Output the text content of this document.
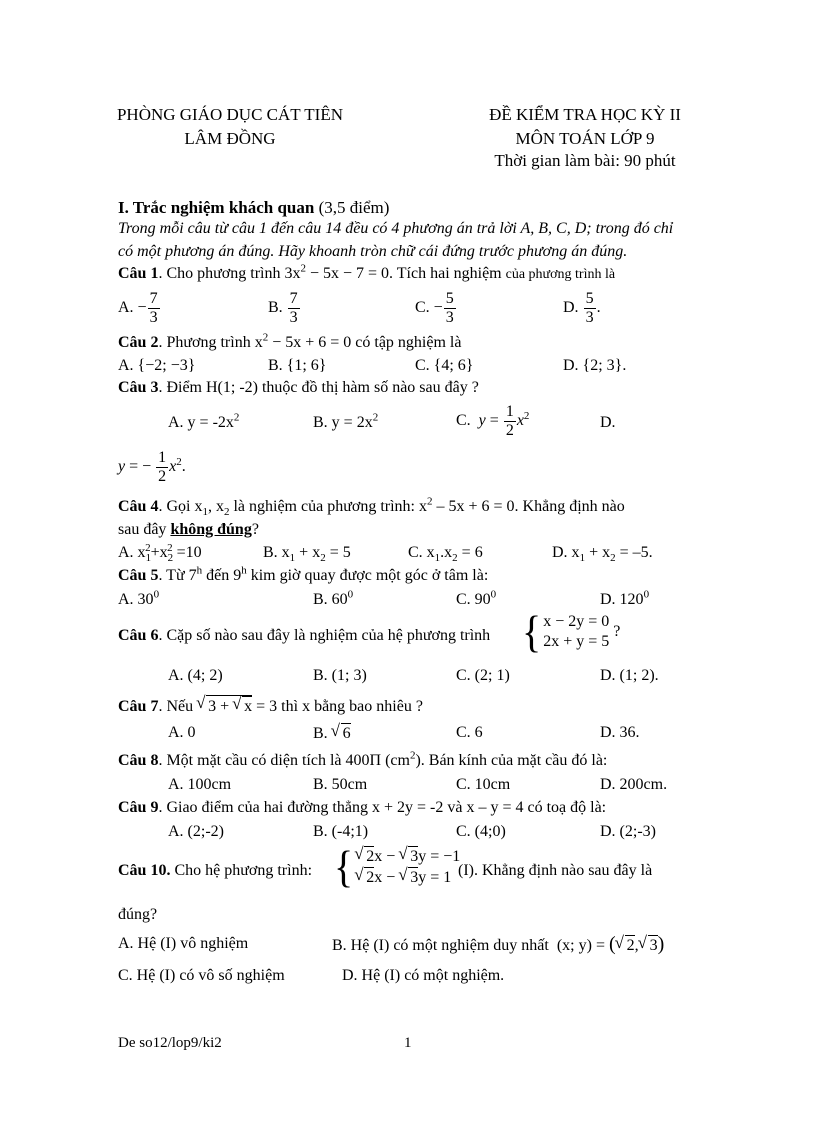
PHÒNG GIÁO DỤC CÁT TIÊN
LÂM ĐỒNG
ĐỀ KIỂM TRA HỌC KỲ II
MÔN TOÁN LỚP 9
Thời gian làm bài: 90 phút
I. Trắc nghiệm khách quan (3,5 điểm)
Trong mỗi câu từ câu 1 đến câu 14 đều có 4 phương án trả lời A, B, C, D; trong đó chỉ
có một phương án đúng. Hãy khoanh tròn chữ cái đứng trước phương án đúng.
Câu 1. Cho phương trình $3x^2 - 5x - 7 = 0$. Tích hai nghiệm của phương trình là
A. − $\frac{7}{3}$	B. $\frac{7}{3}$	C. − $\frac{5}{3}$	D. $\frac{5}{3}$ .
Câu 2. Phương trình $x^2 - 5x + 6 = 0$ có tập nghiệm là
A. {−2; −3}	B. {1; 6}	C. {4; 6}	D. {2; 3}.
Câu 3. Điểm H(1; -2) thuộc đồ thị hàm số nào sau đây ?
A. $y = -2x^2$	B. $y = 2x^2$	C. $y = \frac{1}{2} x^2$	D.
y = − $\frac{1}{2} x^2$.
Câu 4. Gọi $x_1$, $x_2$ là nghiệm của phương trình: $x^2 - 5x + 6 = 0$. Khẳng định nào
sau đây không đúng?
A. $x_1^2+x_2^2 =10$	B. $x_1 + x_2 = 5$	C. $x_1.x_2 = 6$	D. $x_1 + x_2 = -5$.
Câu 5. Từ 7$^h$ đến 9$^h$ kim giờ quay được một góc ở tâm là:
A. $30^0$	B. $60^0$	C. $90^0$	D. $120^0$
Câu 6. Cặp số nào sau đây là nghiệm của hệ phương trình { x − 2y = 0
2x + y = 5
?
A. (4; 2)	B. (1; 3)	C. (2; 1)	D. (1; 2).
Câu 7. Nếu √ 3 + √ x = 3 thì x bằng bao nhiêu ?
A. 0	B. √ 6	C. 6	D. 36.
Câu 8. Một mặt cầu có diện tích là 400Π $(cm^2)$. Bán kính của mặt cầu đó là:
A. 100cm	B. 50cm	C. 10cm	D. 200cm.
Câu 9. Giao điểm của hai đường thẳng x + 2y = -2 và x – y = 4 có toạ độ là:
A. (2;-2)	B. (-4;1)	C. (4;0)	D. (2;-3)
Câu 10. Cho hệ phương trình: { √ 2x − √ 3y = −1
√ 2x − √ 3y = 1 (I). Khẳng định nào sau đây là
đúng?
A. Hệ (I) vô nghiệm	B. Hệ (I) có một nghiệm duy nhất (x; y) = ( √ 2, √ 3)
C. Hệ (I) có vô số nghiệm	D. Hệ (I) có một nghiệm.
De so12/lop9/ki2	1
